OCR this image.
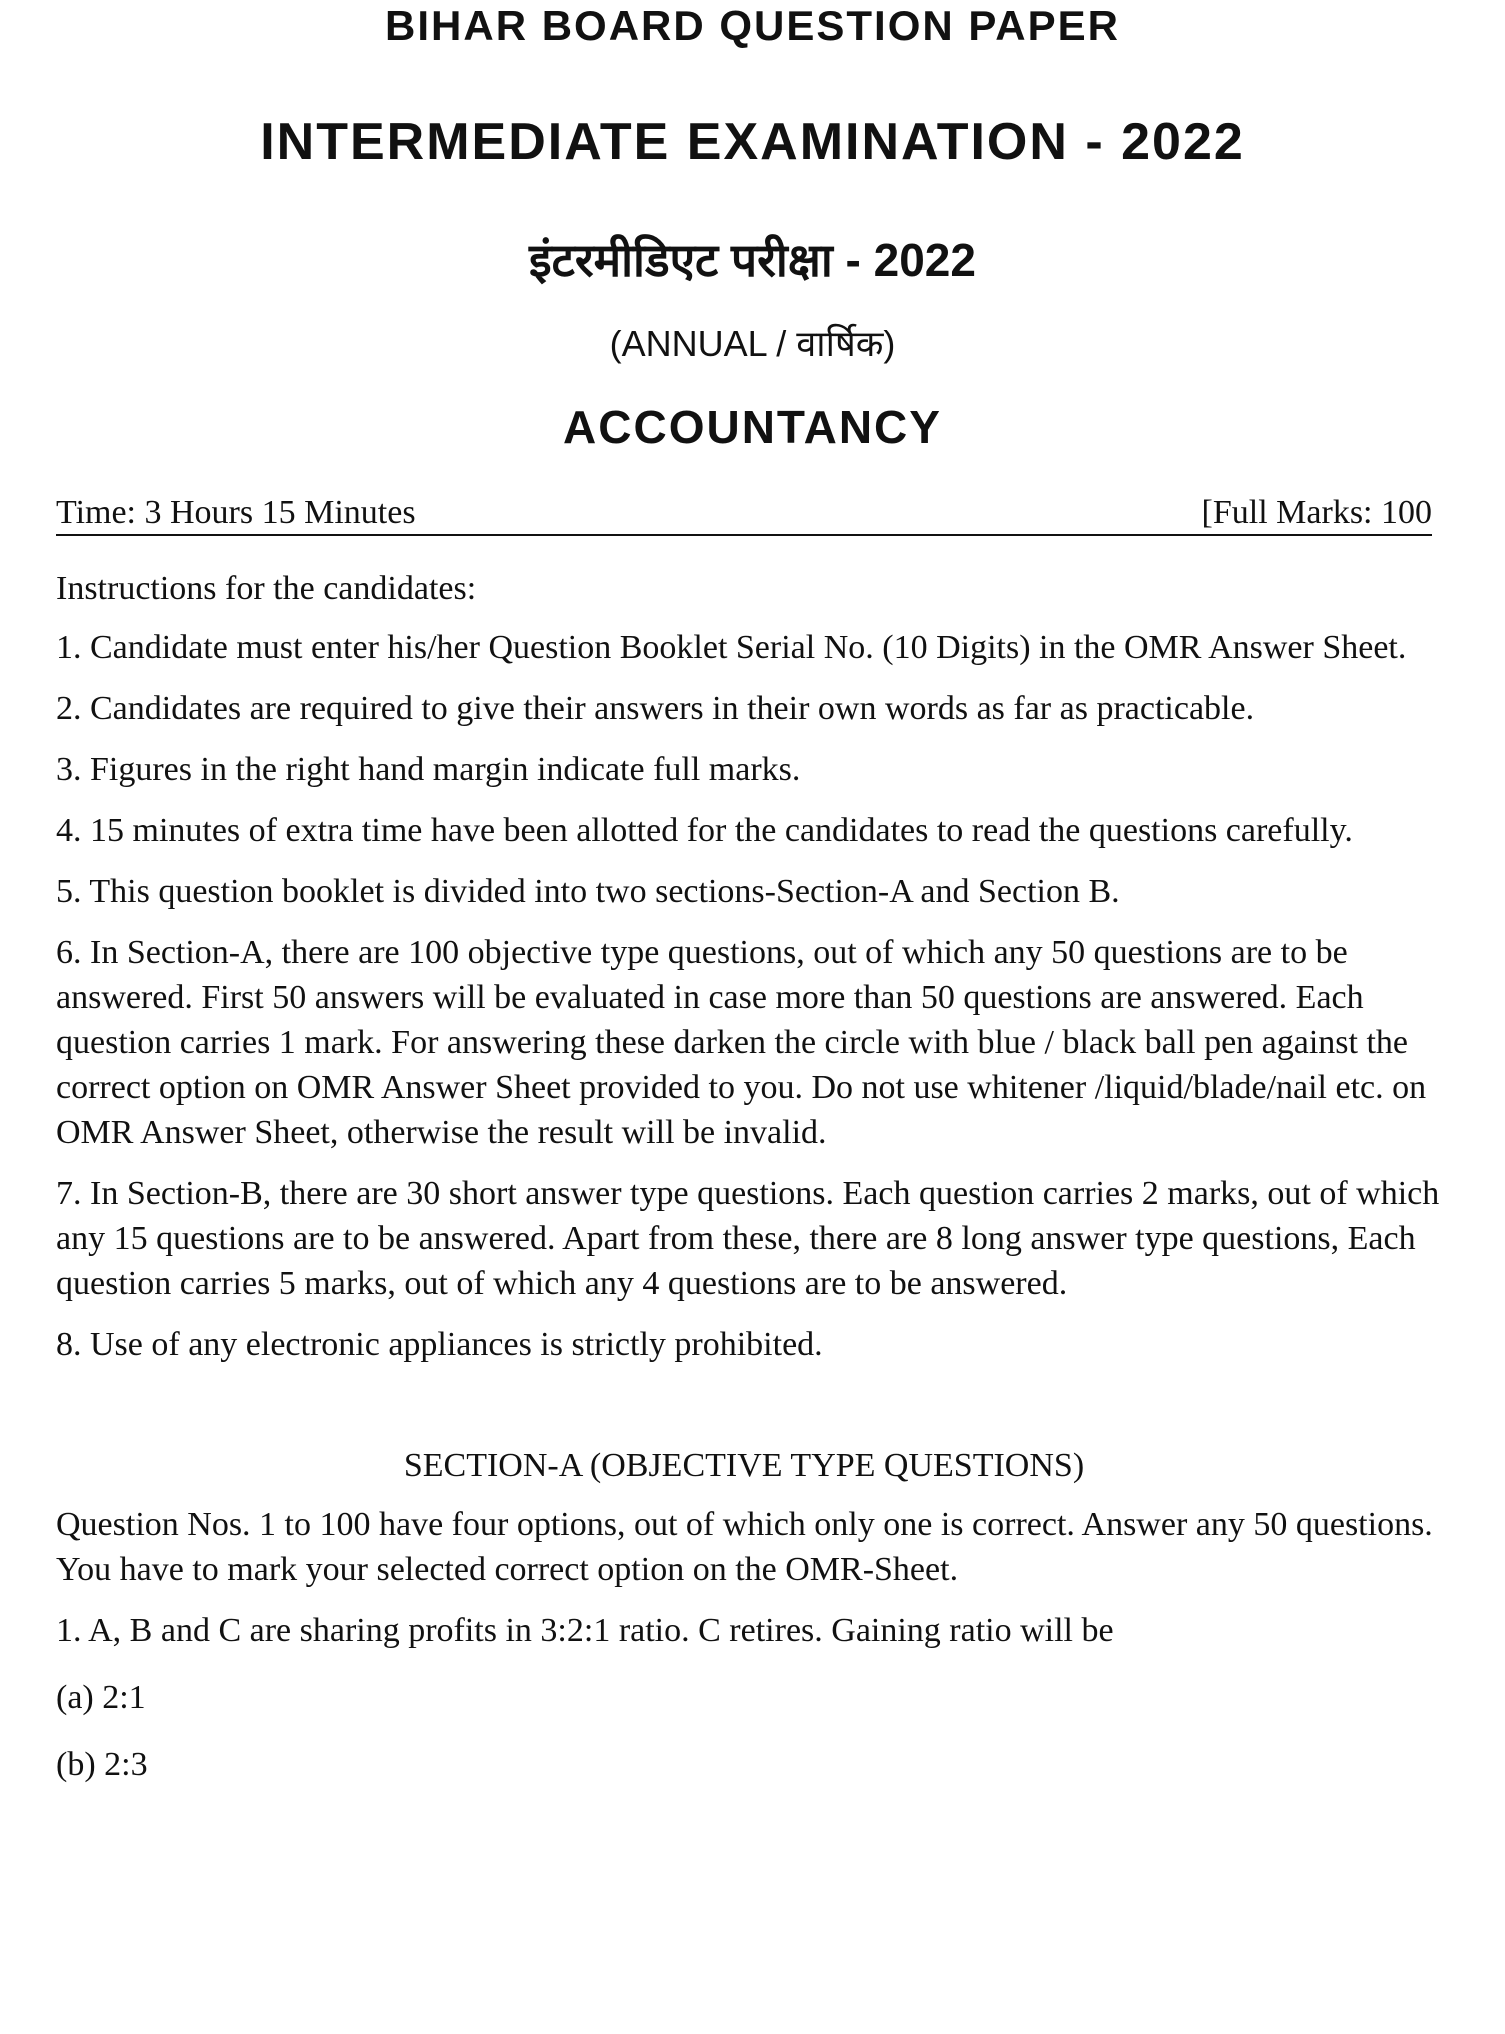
BIHAR BOARD QUESTION PAPER
INTERMEDIATE EXAMINATION - 2022
इंटरमीडिएट परीक्षा - 2022
(ANNUAL / वार्षिक)
ACCOUNTANCY
Time: 3 Hours 15 Minutes	[Full Marks: 100

Instructions for the candidates:

1. Candidate must enter his/her Question Booklet Serial No. (10 Digits) in the OMR Answer Sheet.

2. Candidates are required to give their answers in their own words as far as practicable.

3. Figures in the right hand margin indicate full marks.

4. 15 minutes of extra time have been allotted for the candidates to read the questions carefully.

5. This question booklet is divided into two sections-Section-A and Section B.

6. In Section-A, there are 100 objective type questions, out of which any 50 questions are to be answered. First 50 answers will be evaluated in case more than 50 questions are answered. Each question carries 1 mark. For answering these darken the circle with blue / black ball pen against the correct option on OMR Answer Sheet provided to you. Do not use whitener /liquid/blade/nail etc. on OMR Answer Sheet, otherwise the result will be invalid.

7. In Section-B, there are 30 short answer type questions. Each question carries 2 marks, out of which any 15 questions are to be answered. Apart from these, there are 8 long answer type questions, Each question carries 5 marks, out of which any 4 questions are to be answered.

8. Use of any electronic appliances is strictly prohibited.

SECTION-A (OBJECTIVE TYPE QUESTIONS)

Question Nos. 1 to 100 have four options, out of which only one is correct. Answer any 50 questions. You have to mark your selected correct option on the OMR-Sheet.

1. A, B and C are sharing profits in 3:2:1 ratio. C retires. Gaining ratio will be

(a) 2:1

(b) 2:3
